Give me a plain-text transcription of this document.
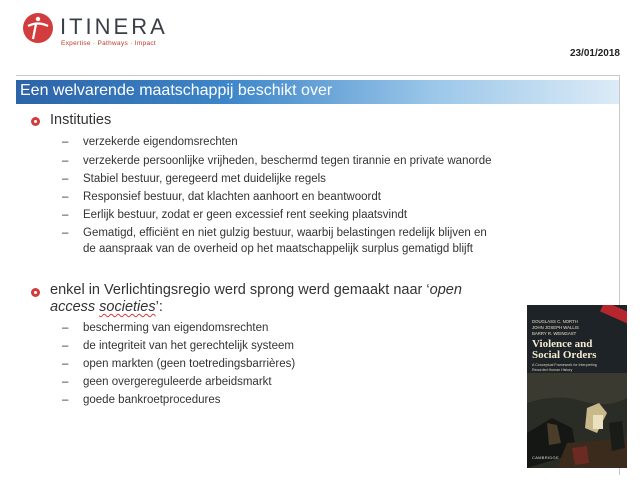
ITINERA
Expertise · Pathways · Impact
23/01/2018
Een welvarende maatschappij beschikt over
Instituties
– verzekerde eigendomsrechten
– verzekerde persoonlijke vrijheden, beschermd tegen tirannie en private wanorde
– Stabiel bestuur, geregeerd met duidelijke regels
– Responsief bestuur, dat klachten aanhoort en beantwoordt
– Eerlijk bestuur, zodat er geen excessief rent seeking plaatsvindt
– Gematigd, efficiënt en niet gulzig bestuur, waarbij belastingen redelijk blijven en
de aanspraak van de overheid op het maatschappelijk surplus gematigd blijft
enkel in Verlichtingsregio werd sprong werd gemaakt naar ‘open
access societies’:
– bescherming van eigendomsrechten
– de integriteit van het gerechtelijk systeem
– open markten (geen toetredingsbarrières)
– geen overgereguleerde arbeidsmarkt
– goede bankroetprocedures
DOUGLASS C. NORTH
JOHN JOSEPH WALLIS
BARRY R. WEINGAST
Violence and
Social Orders
A Conceptual Framework for Interpreting Recorded Human History
CAMBRIDGE
